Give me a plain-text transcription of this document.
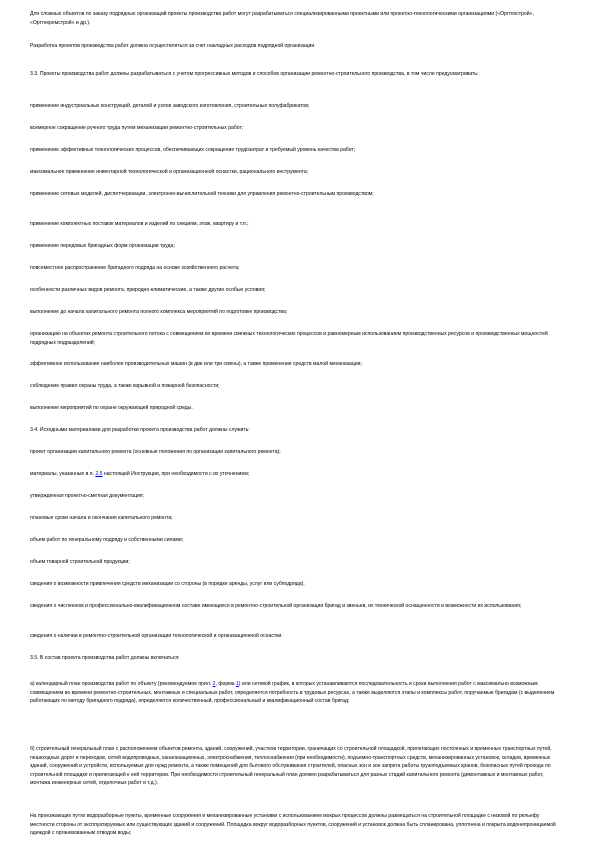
Для сложных объектов по заказу подрядных организаций проекты производства работ могут разрабатываться специализированными проектными или проектно-технологическими организациями («Оргтехстрой», «Оргтехремстрой» и др.).

Разработка проектов производства работ должна осуществляться за счет накладных расходов подрядной организации.

3.3. Проекты производства работ должны разрабатываться с учетом прогрессивных методов и способов организации ремонтно-строительного производства, в том числе предусматривать:

применение индустриальных конструкций, деталей и узлов заводского изготовления, строительных полуфабрикатов;

всемерное сокращение ручного труда путем механизации ремонтно-строительных работ;

применение эффективных технологических процессов, обеспечивающих сокращение трудозатрат и требуемый уровень качества работ;

максимальное применение инвентарной технологической и организационной оснастки, рационального инструмента;

применение сетевых моделей, диспетчеризации, электронно-вычислительной техники для управления ремонтно-строительным производством;

применение комплектных поставок материалов и изделий по секциям, этаж, квартиру и т.п.;

применение передовых бригадных форм организации труда;

повсеместное распространение бригадного подряда на основе хозяйственного расчета;

особенности различных видов ремонта, природно-климатические, а также другие особые условия;

выполнение до начала капитального ремонта полного комплекса мероприятий по подготовке производства;

организацию на объектах ремонта строительного потока с совмещением во времени смежных технологических процессов и равномерным использованием производственных ресурсов и производственных мощностей подрядных подразделений;

эффективное использование наиболее производительных машин (в две или три смены), а также применение средств малой механизации;

соблюдение правил охраны труда, а также взрывной и пожарной безопасности;

выполнение мероприятий по охране окружающей природной среды.

3.4. Исходными материалами для разработки проекта производства работ должны служить:

проект организации капитального ремонта (основные положения по организации капитального ремонта);

материалы, указанные в п. 2.5 настоящей Инструкции, при необходимости с их уточнением;

утвержденная проектно-сметная документация;

плановые сроки начала и окончания капитального ремонта;

объем работ по генеральному подряду и собственными силами;

объем товарной строительной продукции;

сведения о возможности привлечения средств механизации со стороны (в порядке аренды, услуг или субподряда);

сведения о численном и профессионально-квалификационном составе имеющихся в ремонтно-строительной организации бригад и звеньев, их технической оснащенности и возможности их использования;

сведения о наличии в ремонтно-строительной организации технологической и организационной оснастки.

3.5. В состав проекта производства работ должны включаться:

а) календарный план производства работ по объекту (рекомендуемое прил. 2, форма 1) или сетевой график, в которых устанавливаются последовательность и сроки выполнения работ с максимально возможным совмещением во времени ремонтно-строительных, монтажных и специальных работ, определяется потребность в трудовых ресурсах, а также выделяются этапы и комплексы работ, поручаемые бригадам (с выделением работающих по методу бригадного подряда), определяется количественный, профессиональный и квалификационный состав бригад;

б) строительный генеральный план с расположением объектов ремонта, зданий, сооружений, участков территории, граничащих со строительной площадкой, прилегающих постоянных и временных транспортных путей, пешеходных дорог и переходов, сетей водопроводных, канализационных, электроснабжения, теплоснабжения (при необходимости), подъемно-транспортных средств, механизированных установок, складов, временных зданий, сооружений и устройств, используемых для нужд ремонта, а также помещений для бытового обслуживания строителей, опасных зон и зон запрета работы грузоподъемных кранов, безопасных путей прохода по строительной площадке и прилегающей к ней территории. При необходимости строительный генеральный план должен разрабатываться для разных стадий капитального ремонта (демонтажных и монтажных работ, монтажа инженерных сетей, отделочных работ и т.д.).

На проезжающих путях водоразборные пункты, временные сооружения и механизированные установки с использованием мокрых процессов должны размещаться на строительной площадке с низовой по рельефу местности стороны от эксплуатируемых или существующих зданий и сооружений. Площадка вокруг водоразборных пунктов, сооружений и установок должна быть спланирована, уплотнена и покрыта водонепроницаемой одеждой с организованным отводом воды;
